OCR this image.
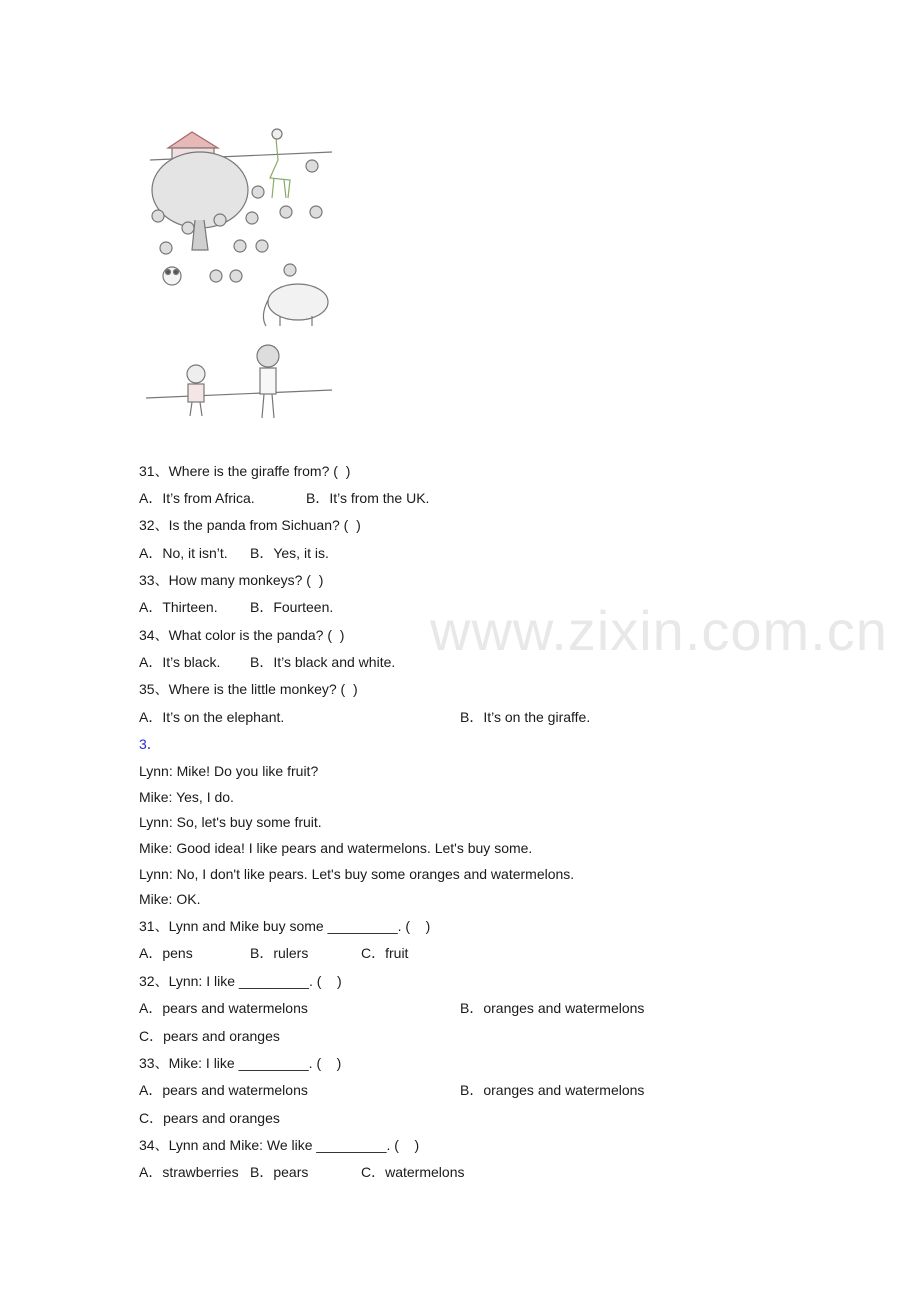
31、Where is the giraffe from? (  )
A．It’s from Africa.	B．It’s from the UK.
32、Is the panda from Sichuan? (  )
A．No, it isn’t. B．Yes, it is.
33、How many monkeys? (  )
A．Thirteen. B．Fourteen.
34、What color is the panda? (  )
A．It’s black. B．It’s black and white.
35、Where is the little monkey? (  )
A．It’s on the elephant.	B．It’s on the giraffe.
3．
Lynn: Mike! Do you like fruit?
Mike: Yes, I do.
Lynn: So, let's buy some fruit.
Mike: Good idea! I like pears and watermelons. Let's buy some.
Lynn: No, I don't like pears. Let's buy some oranges and watermelons.
Mike: OK.
31、Lynn and Mike buy some _________. (    )
A．pens	B．rulers	C．fruit
32、Lynn: I like _________. (    )
A．pears and watermelons	B．oranges and watermelons
C．pears and oranges
33、Mike: I like _________. (    )
A．pears and watermelons	B．oranges and watermelons
C．pears and oranges
34、Lynn and Mike: We like _________. (    )
A．strawberries B．pears	C．watermelons
www.zixin.com.cn
